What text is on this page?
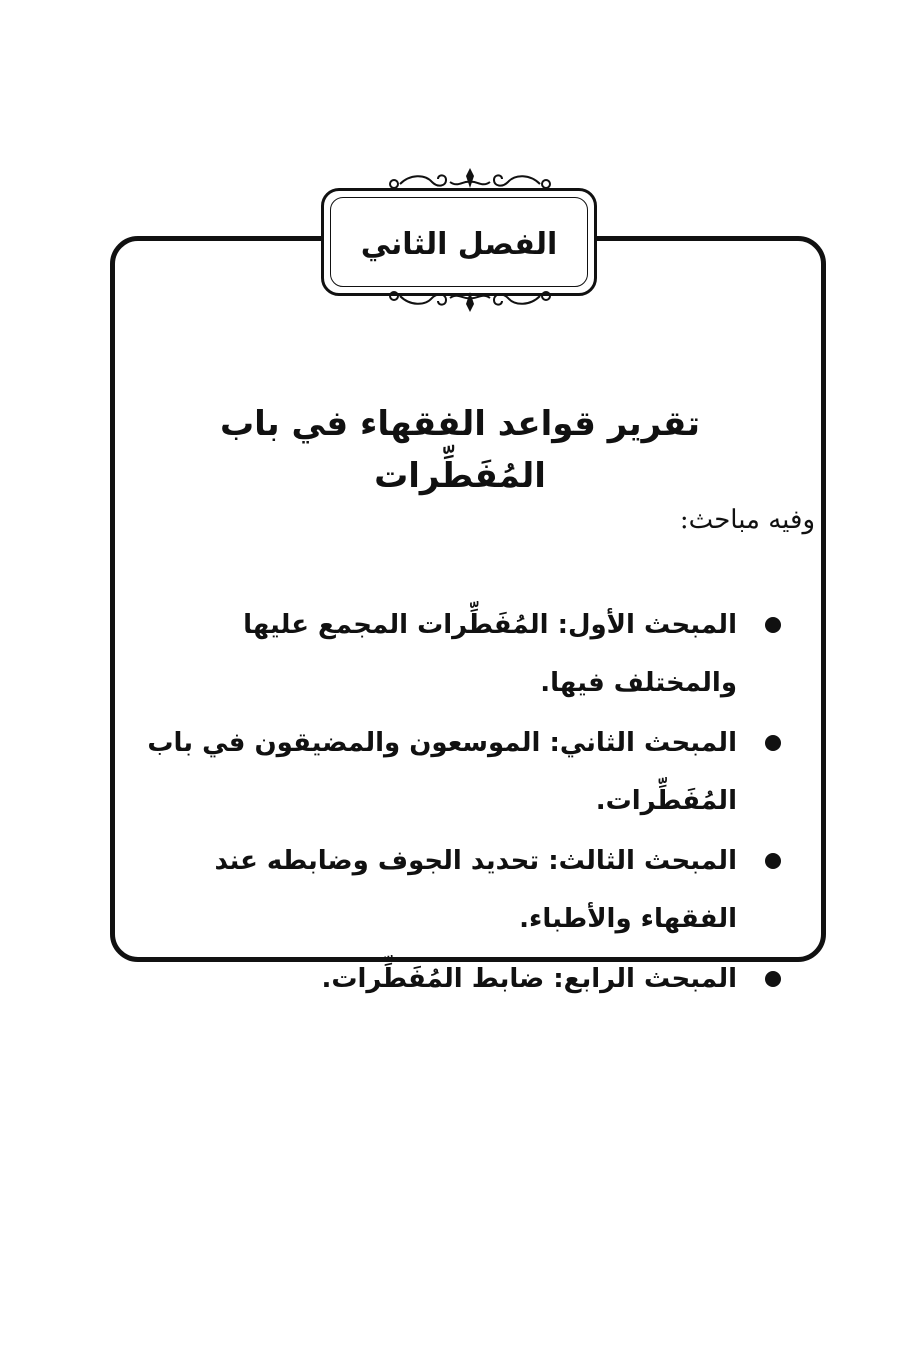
الفصل الثاني
تقرير قواعد الفقهاء في باب المُفَطِّرات
وفيه مباحث:
المبحث الأول: المُفَطِّرات المجمع عليها والمختلف فيها.
المبحث الثاني: الموسعون والمضيقون في باب المُفَطِّرات.
المبحث الثالث: تحديد الجوف وضابطه عند الفقهاء والأطباء.
المبحث الرابع: ضابط المُفَطِّرات.
